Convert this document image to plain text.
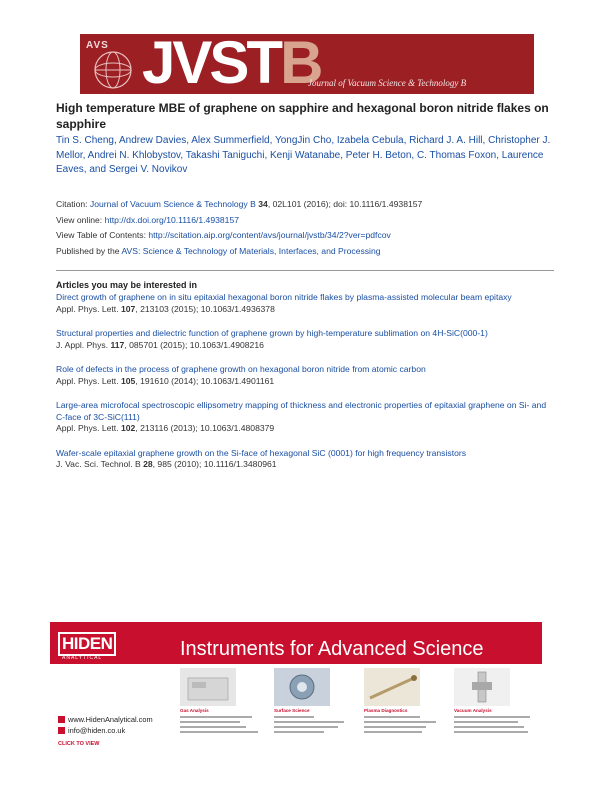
AVS JVSTB
Journal of Vacuum Science & Technology B
High temperature MBE of graphene on sapphire and hexagonal boron nitride flakes on sapphire
Tin S. Cheng, Andrew Davies, Alex Summerfield, YongJin Cho, Izabela Cebula, Richard J. A. Hill, Christopher J. Mellor, Andrei N. Khlobystov, Takashi Taniguchi, Kenji Watanabe, Peter H. Beton, C. Thomas Foxon, Laurence Eaves, and Sergei V. Novikov
Citation: Journal of Vacuum Science & Technology B 34, 02L101 (2016); doi: 10.1116/1.4938157
View online: http://dx.doi.org/10.1116/1.4938157
View Table of Contents: http://scitation.aip.org/content/avs/journal/jvstb/34/2?ver=pdfcov
Published by the AVS: Science & Technology of Materials, Interfaces, and Processing
Articles you may be interested in
Direct growth of graphene on in situ epitaxial hexagonal boron nitride flakes by plasma-assisted molecular beam epitaxy
Appl. Phys. Lett. 107, 213103 (2015); 10.1063/1.4936378
Structural properties and dielectric function of graphene grown by high-temperature sublimation on 4H-SiC(000-1)
J. Appl. Phys. 117, 085701 (2015); 10.1063/1.4908216
Role of defects in the process of graphene growth on hexagonal boron nitride from atomic carbon
Appl. Phys. Lett. 105, 191610 (2014); 10.1063/1.4901161
Large-area microfocal spectroscopic ellipsometry mapping of thickness and electronic properties of epitaxial graphene on Si- and C-face of 3C-SiC(111)
Appl. Phys. Lett. 102, 213116 (2013); 10.1063/1.4808379
Wafer-scale epitaxial graphene growth on the Si-face of hexagonal SiC (0001) for high frequency transistors
J. Vac. Sci. Technol. B 28, 985 (2010); 10.1116/1.3480961
HIDEN
ANALYTICAL	Instruments for Advanced Science
www.HidenAnalytical.com
info@hiden.co.uk
CLICK TO VIEW
Gas Analysis	Surface Science	Plasma Diagnostics	Vacuum Analysis
